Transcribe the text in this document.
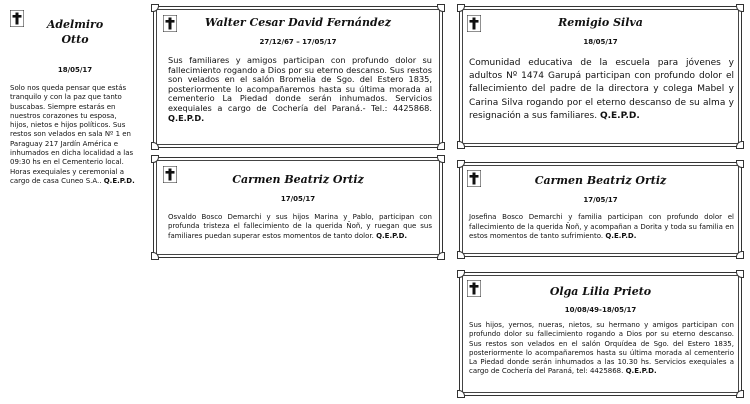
Adelmiro
Otto
18/05/17
Solo nos queda pensar que estás tranquilo y con la paz que tanto buscabas. Siempre estarás en nuestros corazones tu esposa, hijos, nietos e hijos políticos. Sus restos son velados en sala Nº 1 en Paraguay 217 Jardín América e inhumados en dicha localidad a las 09:30 hs en el Cementerio local. Horas exequiales y ceremonial a cargo de casa Cuneo S.A.. Q.E.P.D.
Walter Cesar David Fernández
27/12/67 – 17/05/17
Sus familiares y amigos participan con profundo dolor su fallecimiento rogando a Dios por su eterno descanso. Sus restos son velados en el salón Bromelia de Sgo. del Estero 1835, posteriormente lo acompañaremos hasta su última morada al cementerio La Piedad donde serán inhumados. Servicios exequiales a cargo de Cochería del Paraná.- Tel.: 4425868. Q.E.P.D.
Carmen Beatriz Ortiz
17/05/17
Osvaldo Bosco Demarchi y sus hijos Marina y Pablo, participan con profunda tristeza el fallecimiento de la querida Ñoñ, y ruegan que sus familiares puedan superar estos momentos de tanto dolor. Q.E.P.D.
Remigio Silva
18/05/17
Comunidad educativa de la escuela para jóvenes y adultos Nº 1474 Garupá participan con profundo dolor el fallecimiento del padre de la directora y colega Mabel y Carina Silva rogando por el eterno descanso de su alma y resignación a sus familiares. Q.E.P.D.
Carmen Beatriz Ortiz
17/05/17
Josefina Bosco Demarchi y familia participan con profundo dolor el fallecimiento de la querida Ñoñ, y acompañan a Dorita y toda su familia en estos momentos de tanto sufrimiento. Q.E.P.D.
Olga Lilia Prieto
10/08/49-18/05/17
Sus hijos, yernos, nueras, nietos, su hermano y amigos participan con profundo dolor su fallecimiento rogando a Dios por su eterno descanso. Sus restos son velados en el salón Orquídea de Sgo. del Estero 1835, posteriormente lo acompañaremos hasta su última morada al cementerio La Piedad donde serán inhumados a las 10.30 hs. Servicios exequiales a cargo de Cochería del Paraná, tel: 4425868. Q.E.P.D.
